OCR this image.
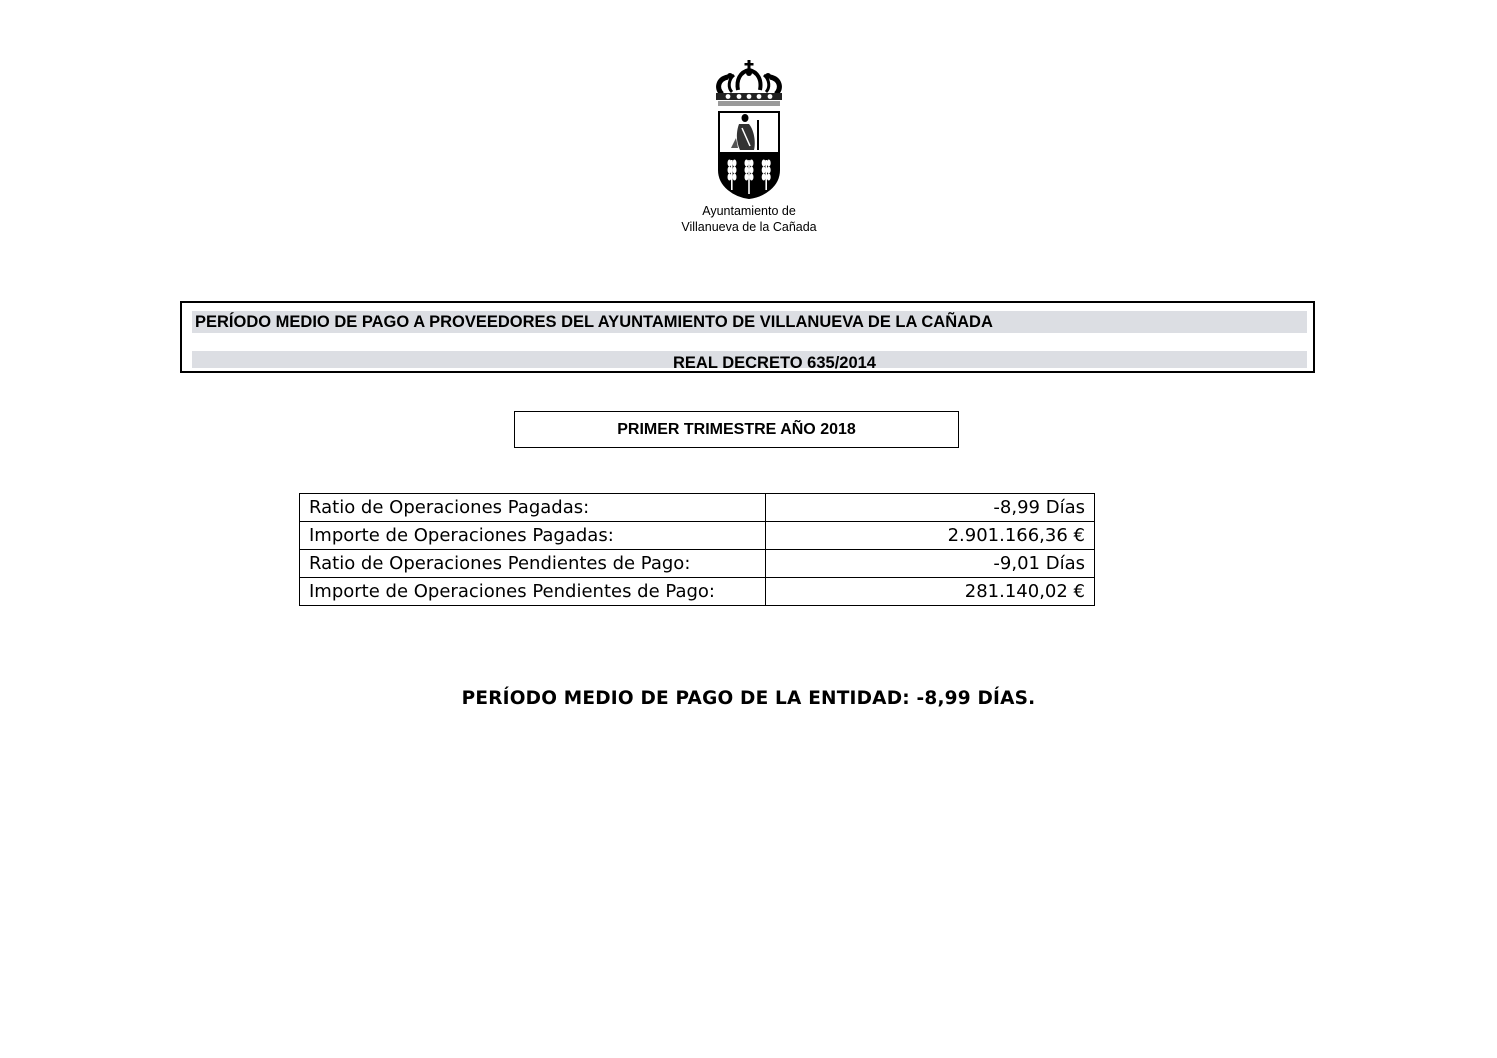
Ayuntamiento de
Villanueva de la Cañada
PERÍODO MEDIO DE PAGO A PROVEEDORES DEL AYUNTAMIENTO DE VILLANUEVA DE LA CAÑADA
REAL DECRETO 635/2014
PRIMER TRIMESTRE AÑO 2018
Ratio de Operaciones Pagadas:	-8,99 Días
Importe de Operaciones Pagadas:	2.901.166,36 €
Ratio de Operaciones Pendientes de Pago:	-9,01 Días
Importe de Operaciones Pendientes de Pago:	281.140,02 €
PERÍODO MEDIO DE PAGO DE LA ENTIDAD: -8,99 DÍAS.
